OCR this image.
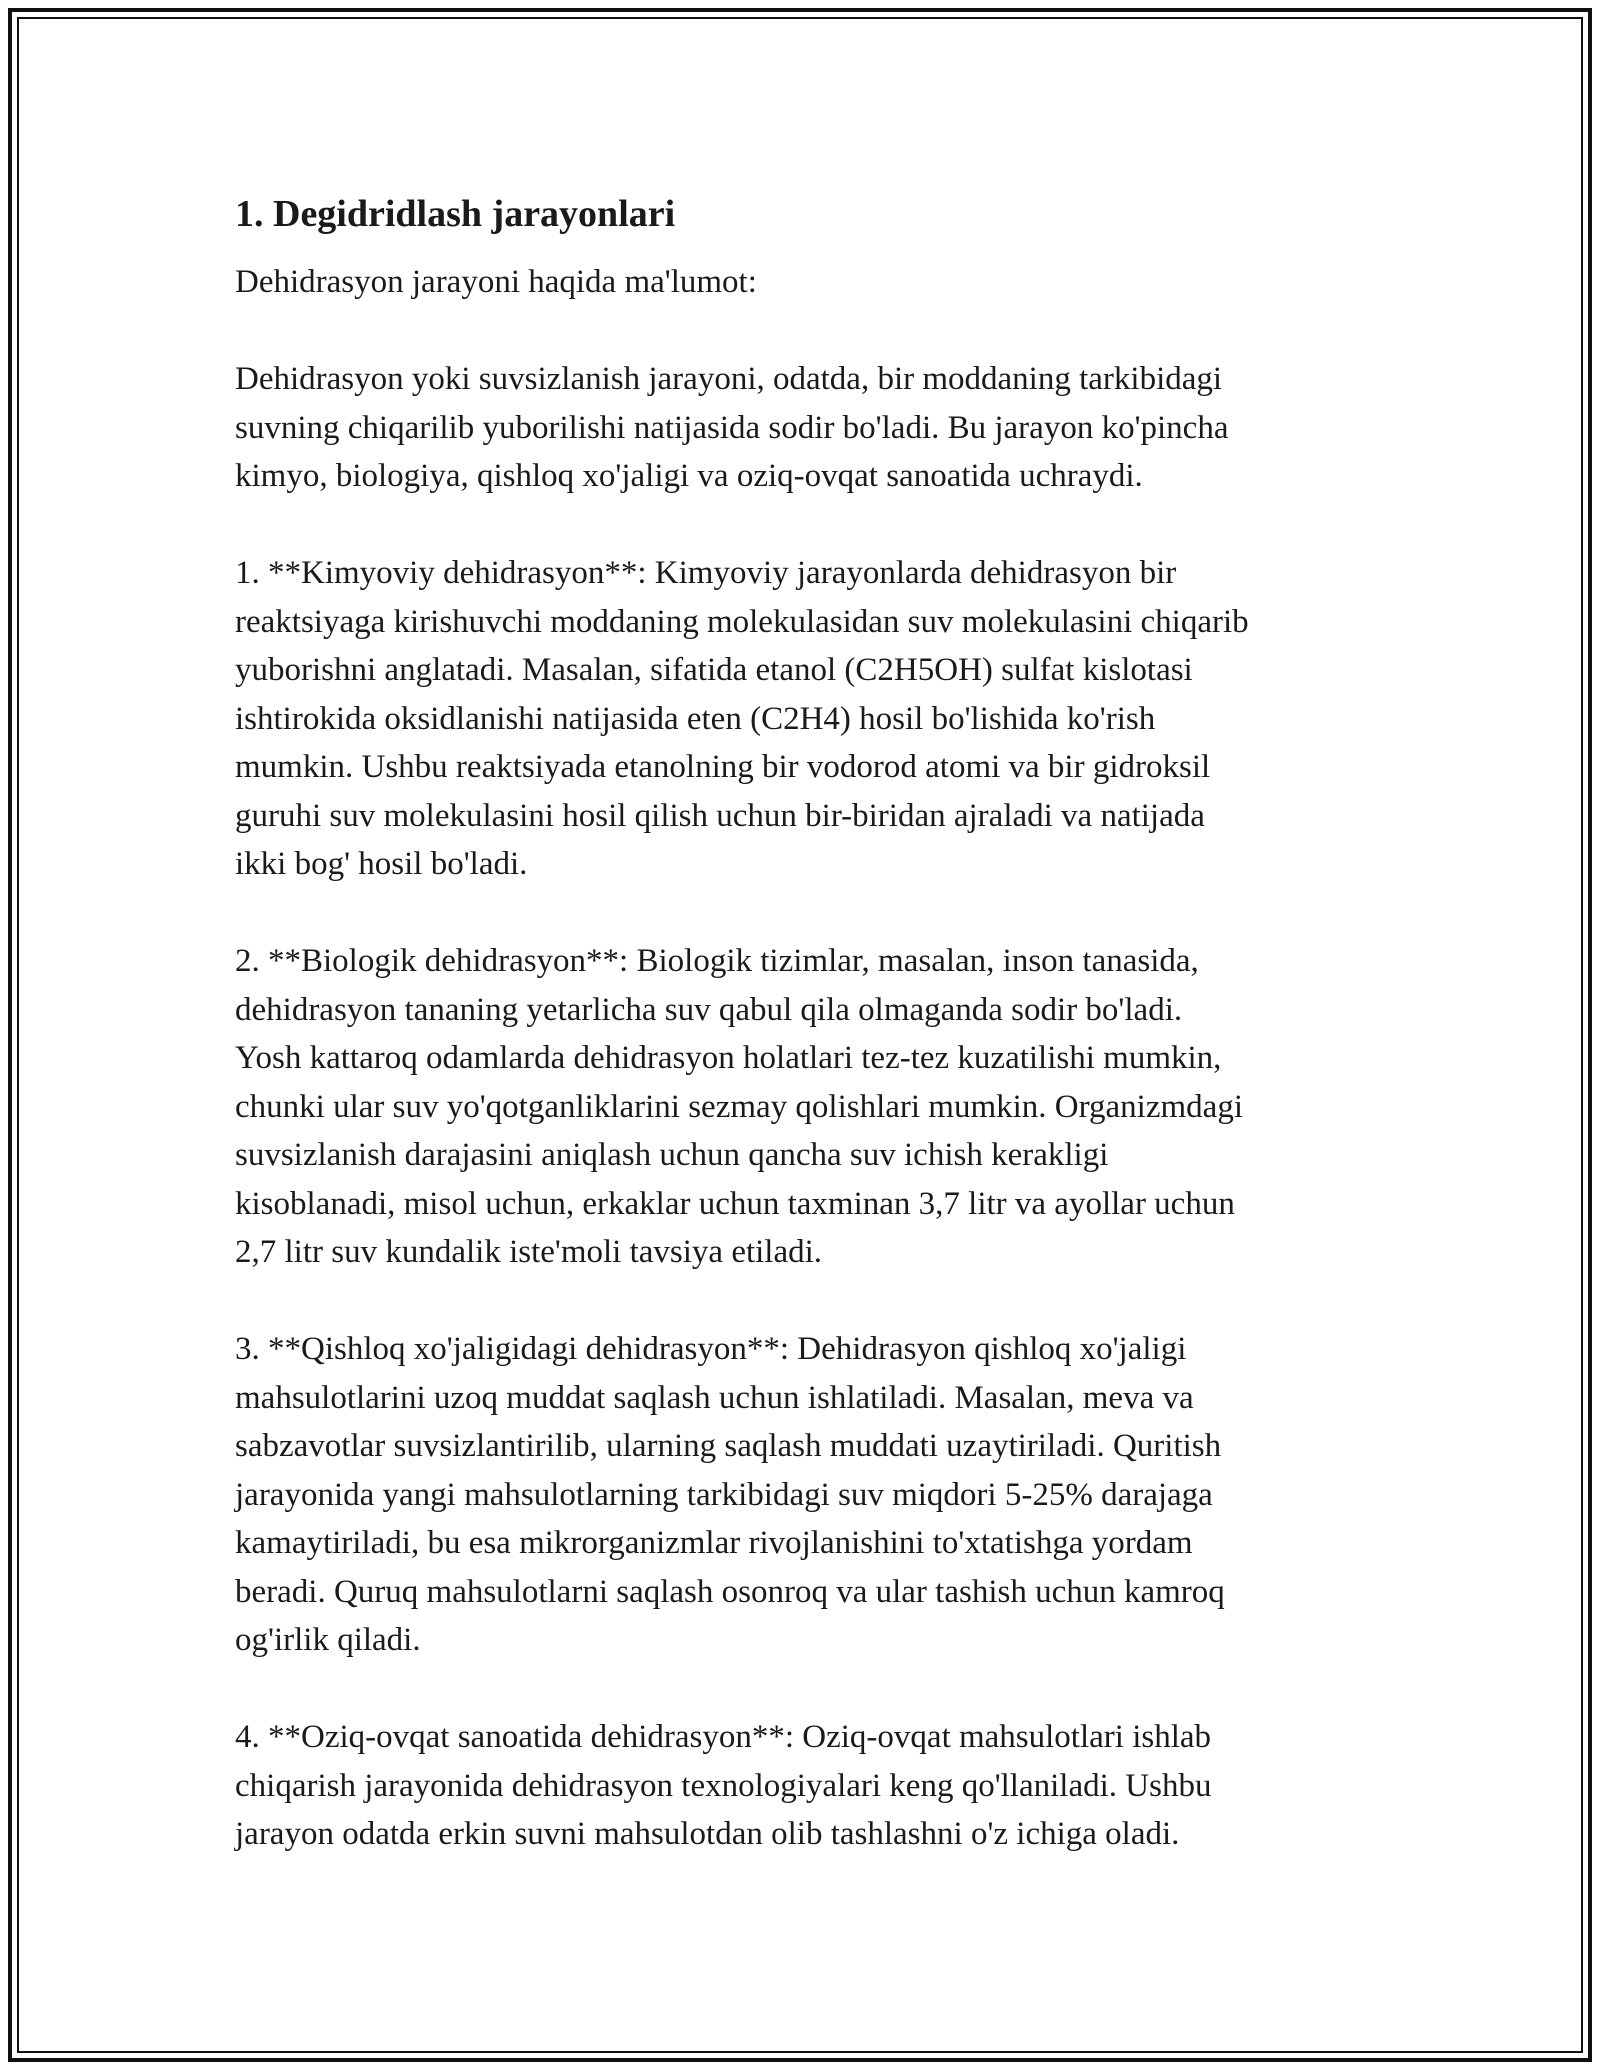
1. Degidridlash jarayonlari

Dehidrasyon jarayoni haqida ma'lumot:

Dehidrasyon yoki suvsizlanish jarayoni, odatda, bir moddaning tarkibidagi
suvning chiqarilib yuborilishi natijasida sodir bo'ladi. Bu jarayon ko'pincha
kimyo, biologiya, qishloq xo'jaligi va oziq-ovqat sanoatida uchraydi.

1. **Kimyoviy dehidrasyon**: Kimyoviy jarayonlarda dehidrasyon bir
reaktsiyaga kirishuvchi moddaning molekulasidan suv molekulasini chiqarib
yuborishni anglatadi. Masalan, sifatida etanol (C2H5OH) sulfat kislotasi
ishtirokida oksidlanishi natijasida eten (C2H4) hosil bo'lishida ko'rish
mumkin. Ushbu reaktsiyada etanolning bir vodorod atomi va bir gidroksil
guruhi suv molekulasini hosil qilish uchun bir-biridan ajraladi va natijada
ikki bog' hosil bo'ladi.

2. **Biologik dehidrasyon**: Biologik tizimlar, masalan, inson tanasida,
dehidrasyon tananing yetarlicha suv qabul qila olmaganda sodir bo'ladi.
Yosh kattaroq odamlarda dehidrasyon holatlari tez-tez kuzatilishi mumkin,
chunki ular suv yo'qotganliklarini sezmay qolishlari mumkin. Organizmdagi
suvsizlanish darajasini aniqlash uchun qancha suv ichish kerakligi
kisoblanadi, misol uchun, erkaklar uchun taxminan 3,7 litr va ayollar uchun
2,7 litr suv kundalik iste'moli tavsiya etiladi.

3. **Qishloq xo'jaligidagi dehidrasyon**: Dehidrasyon qishloq xo'jaligi
mahsulotlarini uzoq muddat saqlash uchun ishlatiladi. Masalan, meva va
sabzavotlar suvsizlantirilib, ularning saqlash muddati uzaytiriladi. Quritish
jarayonida yangi mahsulotlarning tarkibidagi suv miqdori 5-25% darajaga
kamaytiriladi, bu esa mikrorganizmlar rivojlanishini to'xtatishga yordam
beradi. Quruq mahsulotlarni saqlash osonroq va ular tashish uchun kamroq
og'irlik qiladi.

4. **Oziq-ovqat sanoatida dehidrasyon**: Oziq-ovqat mahsulotlari ishlab
chiqarish jarayonida dehidrasyon texnologiyalari keng qo'llaniladi. Ushbu
jarayon odatda erkin suvni mahsulotdan olib tashlashni o'z ichiga oladi.
